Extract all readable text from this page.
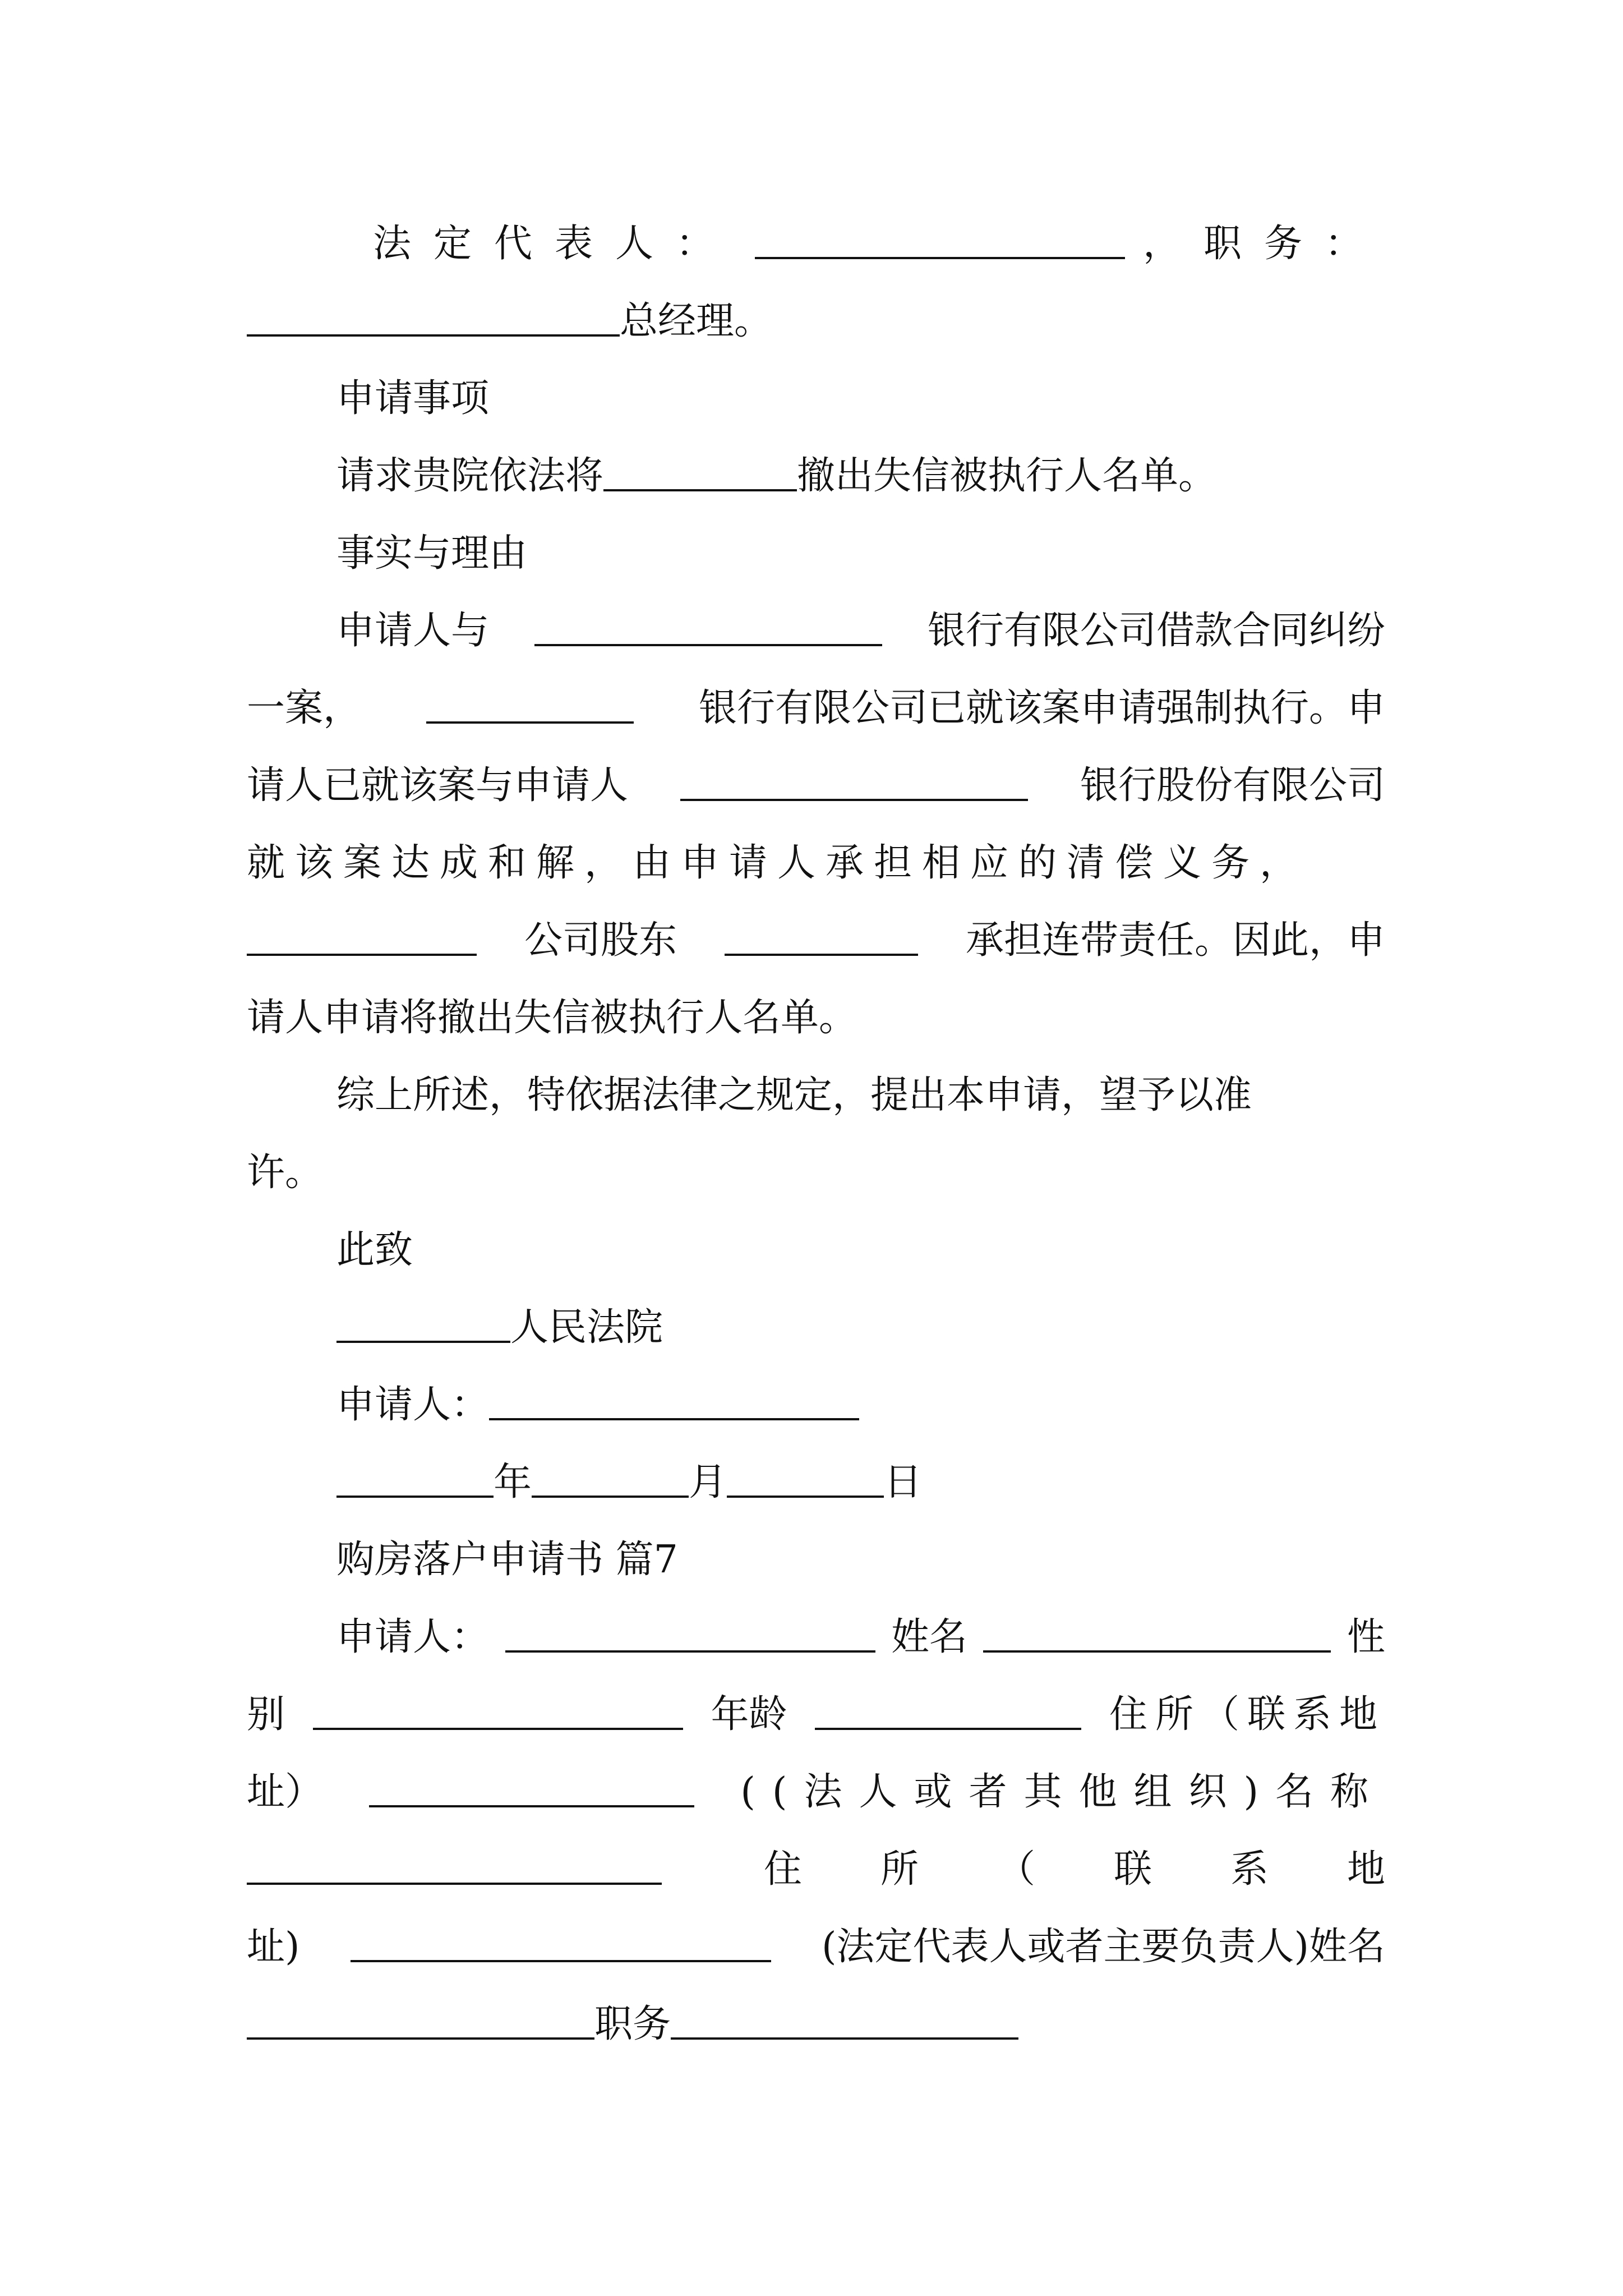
法定代表人：	，职务：
总经理。
申请事项
请求贵院依法将	撤出失信被执行人名单。
事实与理由
申请人与	银行有限公司借款合同纠纷
一案，	银行有限公司已就该案申请强制执行。申
请人已就该案与申请人	银行股份有限公司
就该案达成和解，由申请人承担相应的清偿义务，
公司股东	承担连带责任。因此，申
请人申请将撤出失信被执行人名单。
综上所述，特依据法律之规定，提出本申请，望予以准
许。
此致
人民法院
申请人：
年	月	日
购房落户申请书 篇7
申请人：	姓名	性
别	年龄	住所（联系地
址）	((法人或者其他组织)名称
住所（联系地
址)	(法定代表人或者主要负责人)姓名
职务
